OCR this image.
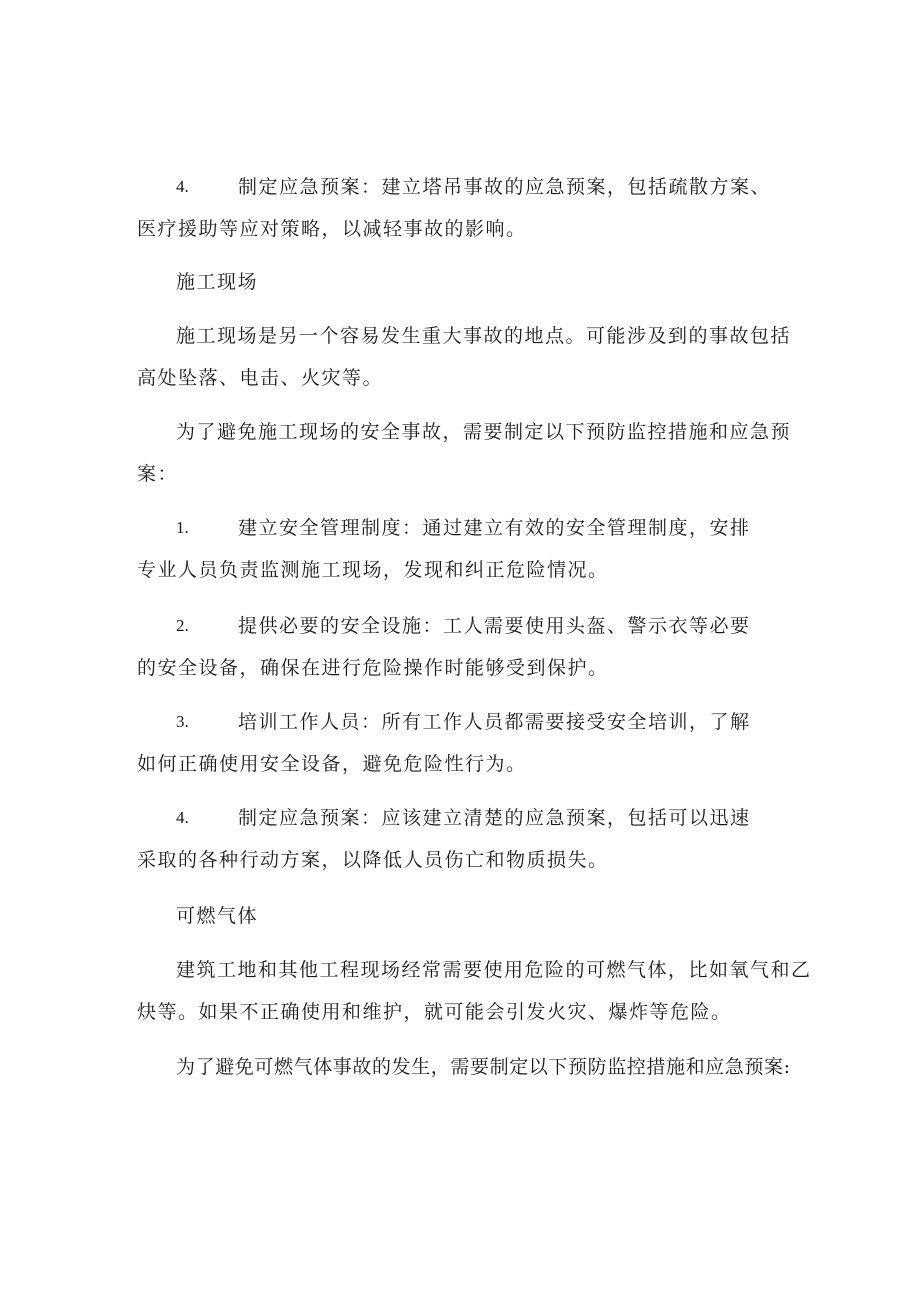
4.	制定应急预案：建立塔吊事故的应急预案，包括疏散方案、
医疗援助等应对策略，以减轻事故的影响。
施工现场
施工现场是另一个容易发生重大事故的地点。可能涉及到的事故包括
高处坠落、电击、火灾等。
为了避免施工现场的安全事故，需要制定以下预防监控措施和应急预
案：
1.	建立安全管理制度：通过建立有效的安全管理制度，安排
专业人员负责监测施工现场，发现和纠正危险情况。
2.	提供必要的安全设施：工人需要使用头盔、警示衣等必要
的安全设备，确保在进行危险操作时能够受到保护。
3.	培训工作人员：所有工作人员都需要接受安全培训，了解
如何正确使用安全设备，避免危险性行为。
4.	制定应急预案：应该建立清楚的应急预案，包括可以迅速
采取的各种行动方案，以降低人员伤亡和物质损失。
可燃气体
建筑工地和其他工程现场经常需要使用危险的可燃气体，比如氧气和乙
炔等。如果不正确使用和维护，就可能会引发火灾、爆炸等危险。
为了避免可燃气体事故的发生，需要制定以下预防监控措施和应急预案:
